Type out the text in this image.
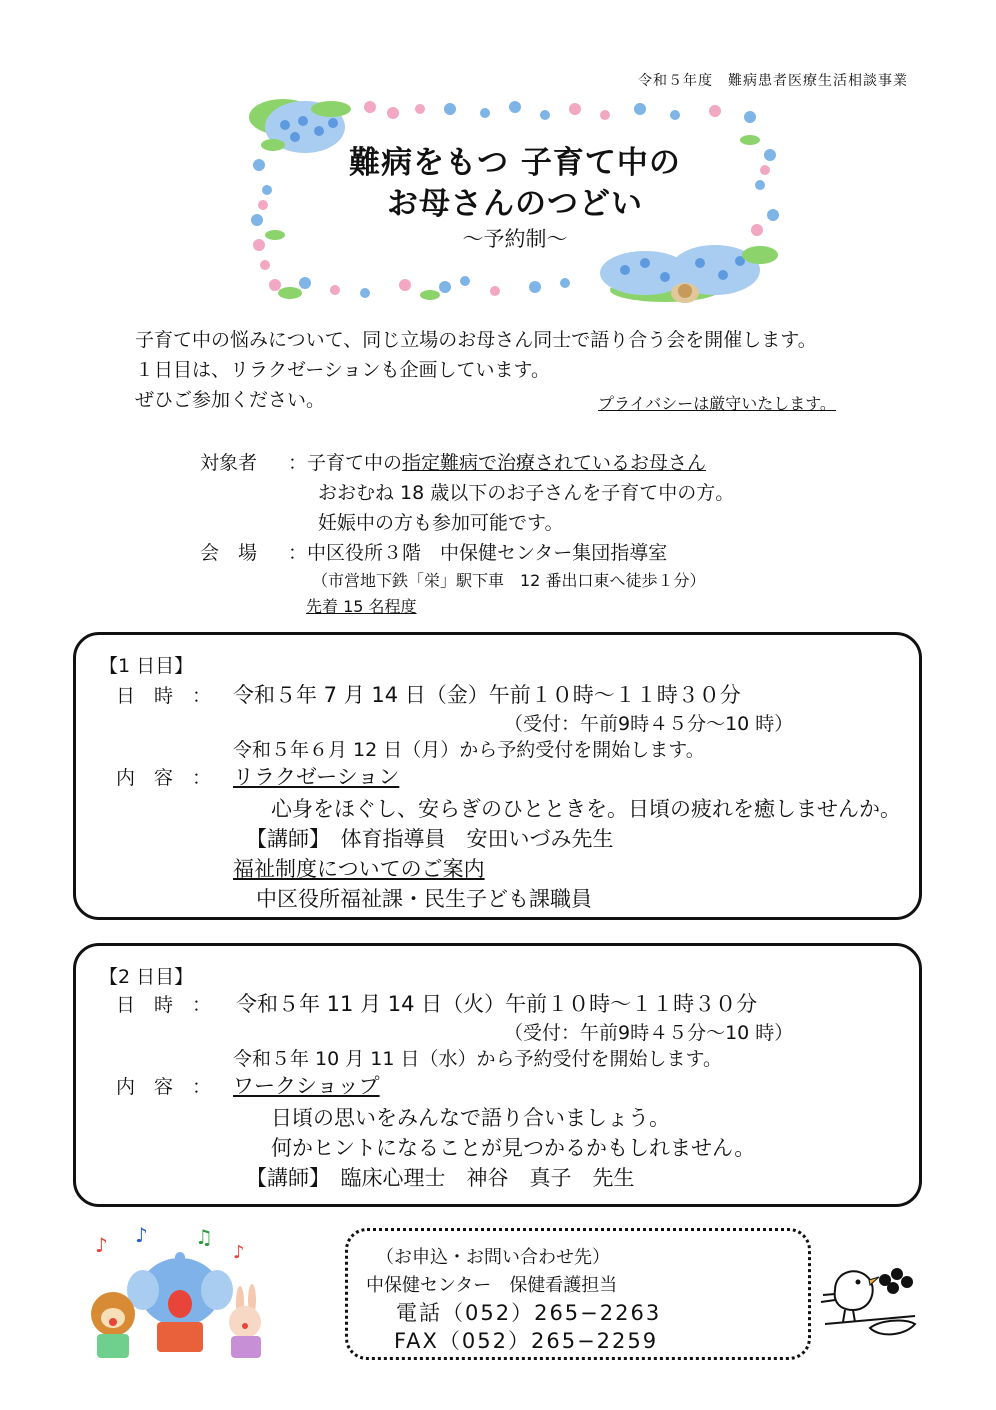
令和５年度　難病患者医療生活相談事業
難病をもつ 子育て中の
お母さんのつどい
〜予約制〜
子育て中の悩みについて、同じ立場のお母さん同士で語り合う会を開催します。
１日目は、リラクゼーションも企画しています。
ぜひご参加ください。	プライバシーは厳守いたします。
対象者	：子育て中の 指定難病で治療されているお母さん
おおむね 18 歳以下のお子さんを子育て中の方。
妊娠中の方も参加可能です。
会　場	：中区役所３階　中保健センター集団指導室
（市営地下鉄「栄」駅下車　12 番出口東へ徒歩１分）
先着 15 名程度
【1 日目】
日　時　： 令和５年 7 月 14 日（金）午前１０時〜１１時３０分
（受付：午前9時４５分〜10 時）
令和５年６月 12 日（月）から予約受付を開始します。
内　容　： リラクゼーション
心身をほぐし、安らぎのひとときを。日頃の疲れを癒しませんか。
【講師】　体育指導員　安田いづみ先生
福祉制度についてのご案内
中区役所福祉課・民生子ども課職員
【2 日目】
日　時　： 令和５年 11 月 14 日（火）午前１０時〜１１時３０分
（受付：午前9時４５分〜10 時）
令和５年 10 月 11 日（水）から予約受付を開始します。
内　容　： ワークショップ
日頃の思いをみんなで語り合いましょう。
何かヒントになることが見つかるかもしれません。
【講師】　臨床心理士　神谷　真子　先生
♪ ♪ ♫
♪	（お申込・お問い合わせ先）
中保健センター　保健看護担当
電話（052）265−2263
FAX（052）265−2259
